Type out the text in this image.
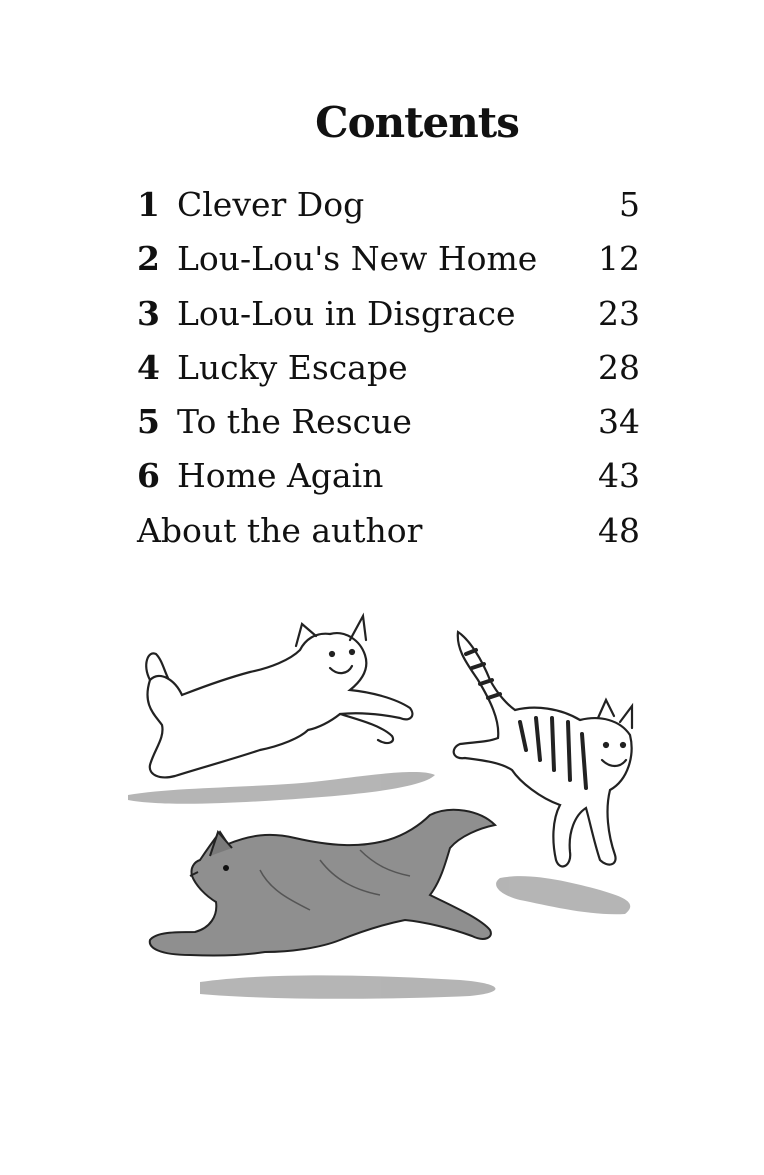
Contents
1 Clever Dog	5
2 Lou-Lou's New Home 12
3 Lou-Lou in Disgrace 23
4 Lucky Escape	28
5 To the Rescue	34
6 Home Again	43
About the author	48
